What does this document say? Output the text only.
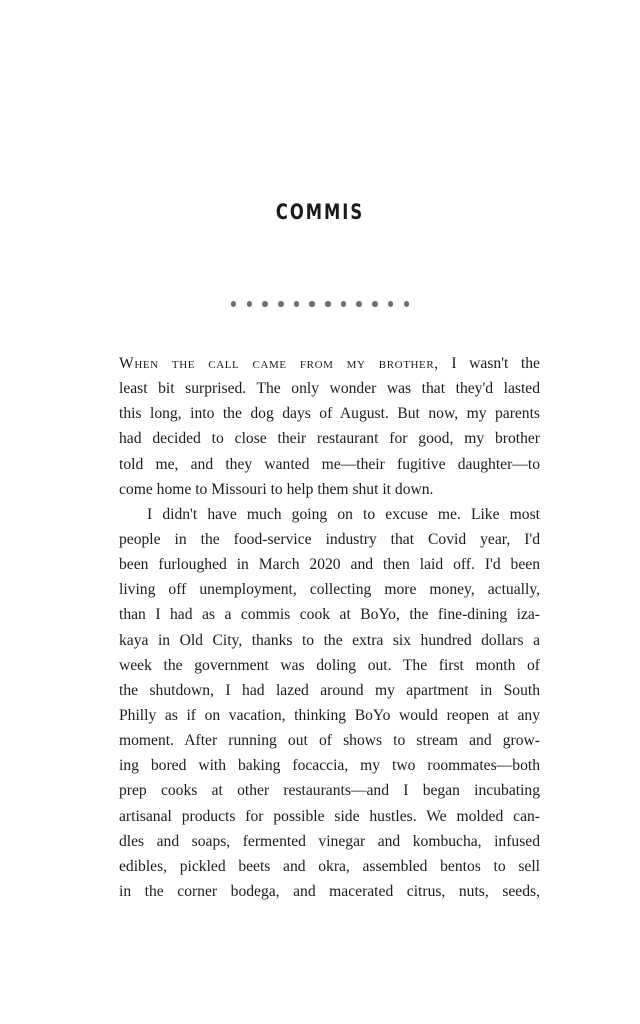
COMMIS
When the call came from my brother, I wasn't the
least bit surprised. The only wonder was that they'd lasted
this long, into the dog days of August. But now, my parents
had decided to close their restaurant for good, my brother
told me, and they wanted me—their fugitive daughter—to
come home to Missouri to help them shut it down.
I didn't have much going on to excuse me. Like most
people in the food-service industry that Covid year, I'd
been furloughed in March 2020 and then laid off. I'd been
living off unemployment, collecting more money, actually,
than I had as a commis cook at BoYo, the fine-dining iza-
kaya in Old City, thanks to the extra six hundred dollars a
week the government was doling out. The first month of
the shutdown, I had lazed around my apartment in South
Philly as if on vacation, thinking BoYo would reopen at any
moment. After running out of shows to stream and grow-
ing bored with baking focaccia, my two roommates—both
prep cooks at other restaurants—and I began incubating
artisanal products for possible side hustles. We molded can-
dles and soaps, fermented vinegar and kombucha, infused
edibles, pickled beets and okra, assembled bentos to sell
in the corner bodega, and macerated citrus, nuts, seeds,
